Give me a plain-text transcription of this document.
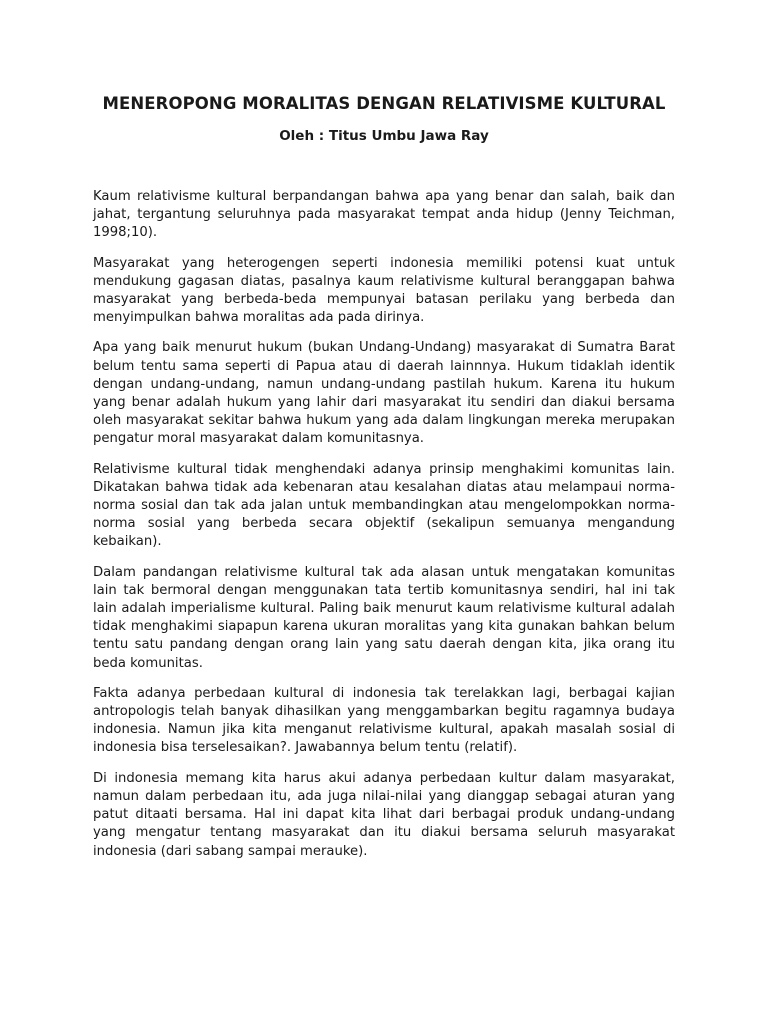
MENEROPONG MORALITAS DENGAN RELATIVISME KULTURAL

Oleh : Titus Umbu Jawa Ray

Kaum relativisme kultural berpandangan bahwa apa yang benar dan salah, baik dan jahat, tergantung seluruhnya pada masyarakat tempat anda hidup (Jenny Teichman, 1998;10).

Masyarakat yang heterogengen seperti indonesia memiliki potensi kuat untuk mendukung gagasan diatas, pasalnya kaum relativisme kultural beranggapan bahwa masyarakat yang berbeda-beda mempunyai batasan perilaku yang berbeda dan menyimpulkan bahwa moralitas ada pada dirinya.

Apa yang baik menurut hukum (bukan Undang-Undang) masyarakat di Sumatra Barat belum tentu sama seperti di Papua atau di daerah lainnnya. Hukum tidaklah identik dengan undang-undang, namun undang-undang pastilah hukum. Karena itu hukum yang benar adalah hukum yang lahir dari masyarakat itu sendiri dan diakui bersama oleh masyarakat sekitar bahwa hukum yang ada dalam lingkungan mereka merupakan pengatur moral masyarakat dalam komunitasnya.

Relativisme kultural tidak menghendaki adanya prinsip menghakimi komunitas lain. Dikatakan bahwa tidak ada kebenaran atau kesalahan diatas atau melampaui norma-norma sosial dan tak ada jalan untuk membandingkan atau mengelompokkan norma-norma sosial yang berbeda secara objektif (sekalipun semuanya mengandung kebaikan).

Dalam pandangan relativisme kultural tak ada alasan untuk mengatakan komunitas lain tak bermoral dengan menggunakan tata tertib komunitasnya sendiri, hal ini tak lain adalah imperialisme kultural. Paling baik menurut kaum relativisme kultural adalah tidak menghakimi siapapun karena ukuran moralitas yang kita gunakan bahkan belum tentu satu pandang dengan orang lain yang satu daerah dengan kita, jika orang itu beda komunitas.

Fakta adanya perbedaan kultural di indonesia tak terelakkan lagi, berbagai kajian antropologis telah banyak dihasilkan yang menggambarkan begitu ragamnya budaya indonesia. Namun jika kita menganut relativisme kultural, apakah masalah sosial di indonesia bisa terselesaikan?. Jawabannya belum tentu (relatif).

Di indonesia memang kita harus akui adanya perbedaan kultur dalam masyarakat, namun dalam perbedaan itu, ada juga nilai-nilai yang dianggap sebagai aturan yang patut ditaati bersama. Hal ini dapat kita lihat dari berbagai produk undang-undang yang mengatur tentang masyarakat dan itu diakui bersama seluruh masyarakat indonesia (dari sabang sampai merauke).
